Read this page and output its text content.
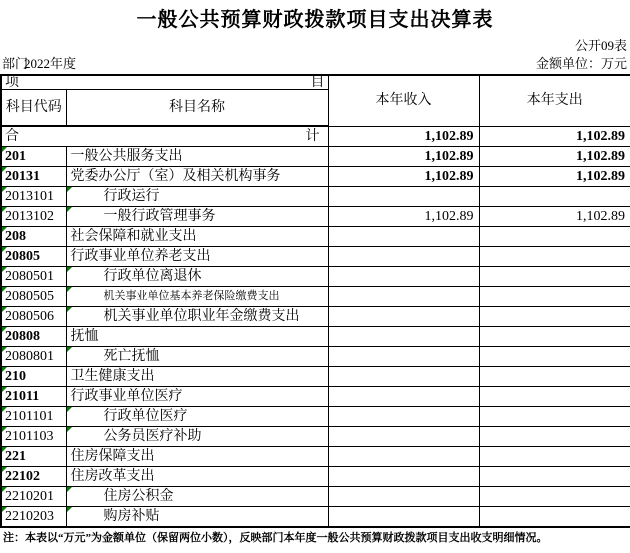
一般公共预算财政拨款项目支出决算表
公开09表
部门
2022年度	金额单位：万元
项 目		本年收入	本年支出
科目代码	科目名称		

合 计		1,102.89	1,102.89
201	一般公共服务支出	1,102.89	1,102.89
20131	党委办公厅（室）及相关机构事务	1,102.89	1,102.89
2013101	行政运行		
2013102	一般行政管理事务	1,102.89	1,102.89
208	社会保障和就业支出		
20805	行政事业单位养老支出		
2080501	行政单位离退休		
2080505	机关事业单位基本养老保险缴费支出		
2080506	机关事业单位职业年金缴费支出		
20808	抚恤		
2080801	死亡抚恤		
210	卫生健康支出		
21011	行政事业单位医疗		
2101101	行政单位医疗		
2101103	公务员医疗补助		
221	住房保障支出		
22102	住房改革支出		
2210201	住房公积金		
2210203	购房补贴		
注：本表以“万元”为金额单位（保留两位小数），反映部门本年度一般公共预算财政拨款项目支出收支明细情况。
